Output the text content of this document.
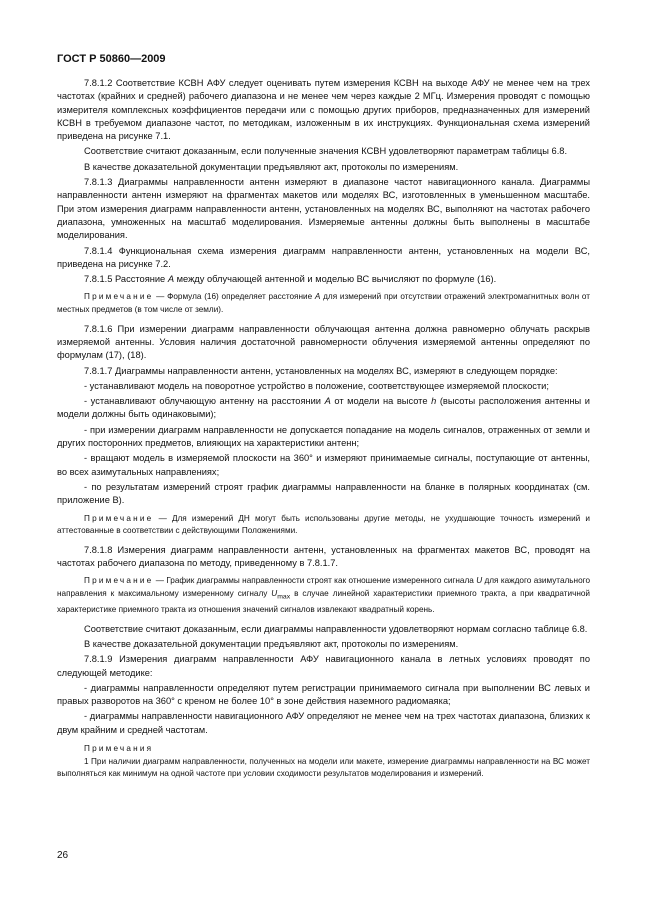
ГОСТ Р 50860—2009

7.8.1.2 Соответствие КСВН АФУ следует оценивать путем измерения КСВН на выходе АФУ не менее чем на трех частотах (крайних и средней) рабочего диапазона и не менее чем через каждые 2 МГц. Измерения проводят с помощью измерителя комплексных коэффициентов передачи или с помощью других приборов, предназначенных для измерений КСВН в требуемом диапазоне частот, по методикам, изложенным в их инструкциях. Функциональная схема измерений приведена на рисунке 7.1.

Соответствие считают доказанным, если полученные значения КСВН удовлетворяют параметрам таблицы 6.8.

В качестве доказательной документации предъявляют акт, протоколы по измерениям.

7.8.1.3 Диаграммы направленности антенн измеряют в диапазоне частот навигационного канала. Диаграммы направленности антенн измеряют на фрагментах макетов или моделях ВС, изготовленных в уменьшенном масштабе. При этом измерения диаграмм направленности антенн, установленных на моделях ВС, выполняют на частотах рабочего диапазона, умноженных на масштаб моделирования. Измеряемые антенны должны быть выполнены в масштабе моделирования.

7.8.1.4 Функциональная схема измерения диаграмм направленности антенн, установленных на модели ВС, приведена на рисунке 7.2.

7.8.1.5 Расстояние А между облучающей антенной и моделью ВС вычисляют по формуле (16).

Примечание — Формула (16) определяет расстояние А для измерений при отсутствии отражений электромагнитных волн от местных предметов (в том числе от земли).

7.8.1.6 При измерении диаграмм направленности облучающая антенна должна равномерно облучать раскрыв измеряемой антенны. Условия наличия достаточной равномерности облучения измеряемой антенны определяют по формулам (17), (18).

7.8.1.7 Диаграммы направленности антенн, установленных на моделях ВС, измеряют в следующем порядке:

- устанавливают модель на поворотное устройство в положение, соответствующее измеряемой плоскости;

- устанавливают облучающую антенну на расстоянии А от модели на высоте h (высоты расположения антенны и модели должны быть одинаковыми);

- при измерении диаграмм направленности не допускается попадание на модель сигналов, отраженных от земли и других посторонних предметов, влияющих на характеристики антенн;

- вращают модель в измеряемой плоскости на 360° и измеряют принимаемые сигналы, поступающие от антенны, во всех азимутальных направлениях;

- по результатам измерений строят график диаграммы направленности на бланке в полярных координатах (см. приложение В).

Примечание — Для измерений ДН могут быть использованы другие методы, не ухудшающие точность измерений и аттестованные в соответствии с действующими Положениями.

7.8.1.8 Измерения диаграмм направленности антенн, установленных на фрагментах макетов ВС, проводят на частотах рабочего диапазона по методу, приведенному в 7.8.1.7.

Примечание — График диаграммы направленности строят как отношение измеренного сигнала U для каждого азимутального направления к максимальному измеренному сигналу $U_{max}$ в случае линейной характеристики приемного тракта, а при квадратичной характеристике приемного тракта из отношения значений сигналов извлекают квадратный корень.

Соответствие считают доказанным, если диаграммы направленности удовлетворяют нормам согласно таблице 6.8.

В качестве доказательной документации предъявляют акт, протоколы по измерениям.

7.8.1.9 Измерения диаграмм направленности АФУ навигационного канала в летных условиях проводят по следующей методике:

- диаграммы направленности определяют путем регистрации принимаемого сигнала при выполнении ВС левых и правых разворотов на 360° с креном не более 10° в зоне действия наземного радиомаяка;

- диаграммы направленности навигационного АФУ определяют не менее чем на трех частотах диапазона, близких к двум крайним и средней частотам.

Примечания
1 При наличии диаграмм направленности, полученных на модели или макете, измерение диаграммы направленности на ВС может выполняться как минимум на одной частоте при условии сходимости результатов моделирования и измерений.
26
